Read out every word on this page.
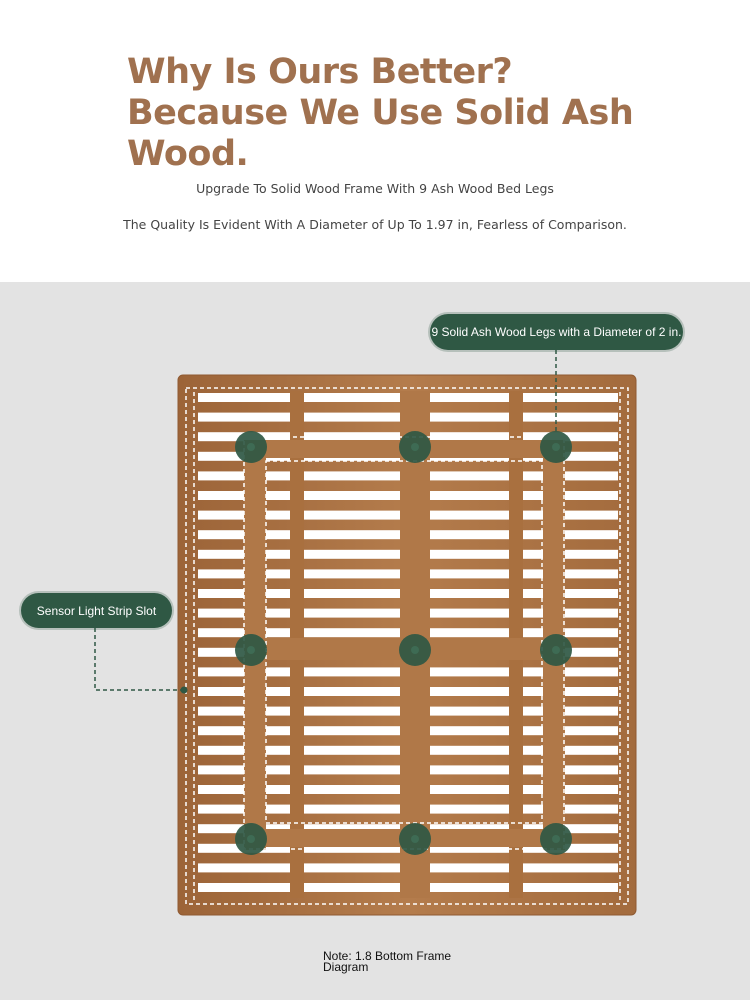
Why Is Ours Better? Because We Use Solid Ash Wood.

Upgrade To Solid Wood Frame With 9 Ash Wood Bed Legs

The Quality Is Evident With A Diameter of Up To 1.97 in, Fearless of Comparison.

9 Solid Ash Wood Legs with a Diameter of 2 in.
Sensor Light Strip Slot

Note: 1.8 Bottom Frame Diagram
